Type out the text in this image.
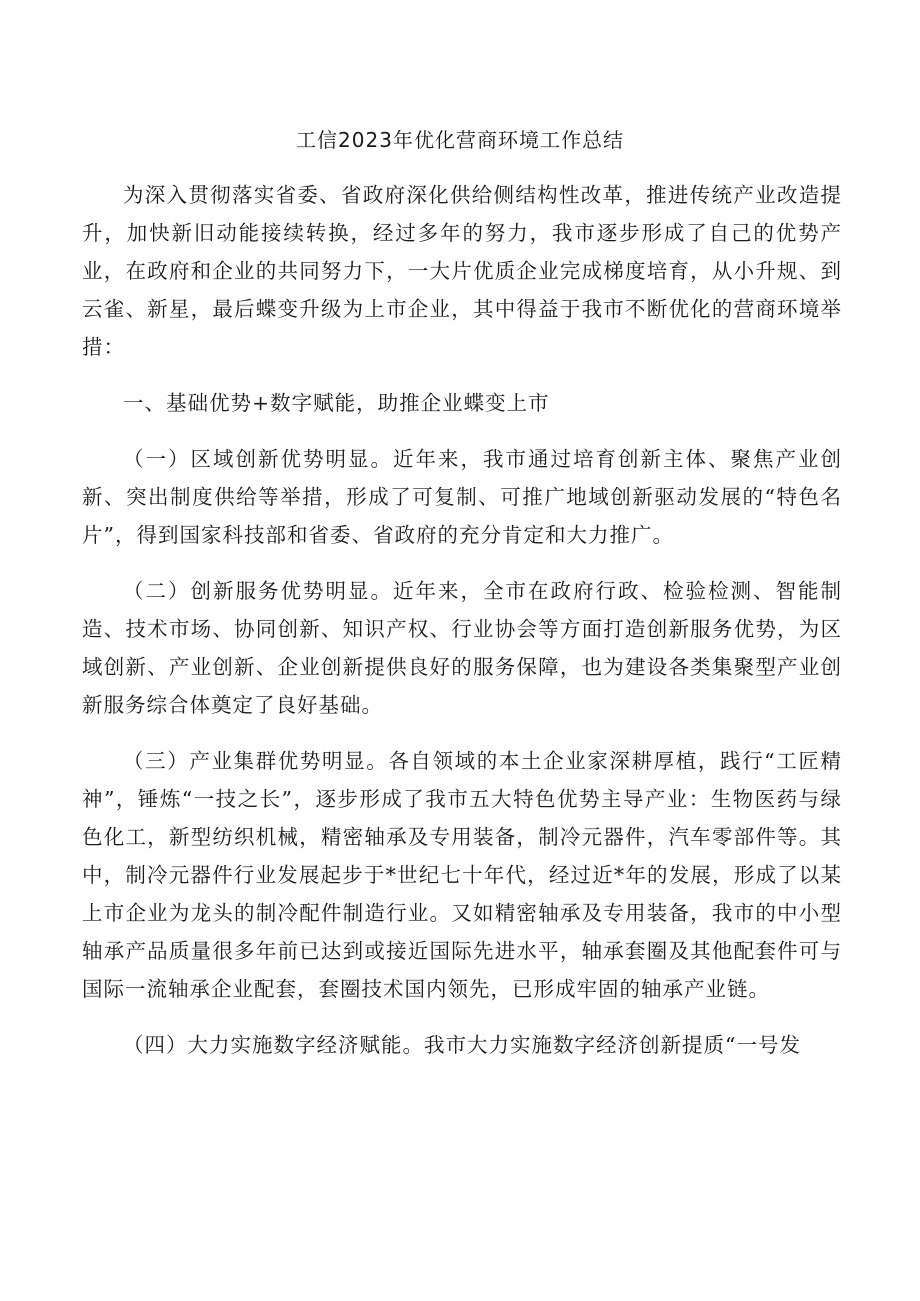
工信2023年优化营商环境工作总结

为深入贯彻落实省委、省政府深化供给侧结构性改革，推进传统产业改造提升，加快新旧动能接续转换，经过多年的努力，我市逐步形成了自己的优势产业，在政府和企业的共同努力下，一大片优质企业完成梯度培育，从小升规、到云雀、新星，最后蝶变升级为上市企业，其中得益于我市不断优化的营商环境举措：

一、基础优势+数字赋能，助推企业蝶变上市

（一）区域创新优势明显。近年来，我市通过培育创新主体、聚焦产业创新、突出制度供给等举措，形成了可复制、可推广地域创新驱动发展的“特色名片”，得到国家科技部和省委、省政府的充分肯定和大力推广。

（二）创新服务优势明显。近年来，全市在政府行政、检验检测、智能制造、技术市场、协同创新、知识产权、行业协会等方面打造创新服务优势，为区域创新、产业创新、企业创新提供良好的服务保障，也为建设各类集聚型产业创新服务综合体奠定了良好基础。

（三）产业集群优势明显。各自领域的本土企业家深耕厚植，践行“工匠精神”，锤炼“一技之长”，逐步形成了我市五大特色优势主导产业：生物医药与绿色化工，新型纺织机械，精密轴承及专用装备，制冷元器件，汽车零部件等。其中，制冷元器件行业发展起步于*世纪七十年代，经过近*年的发展，形成了以某上市企业为龙头的制冷配件制造行业。又如精密轴承及专用装备，我市的中小型轴承产品质量很多年前已达到或接近国际先进水平，轴承套圈及其他配套件可与国际一流轴承企业配套，套圈技术国内领先，已形成牢固的轴承产业链。

（四）大力实施数字经济赋能。我市大力实施数字经济创新提质“一号发
